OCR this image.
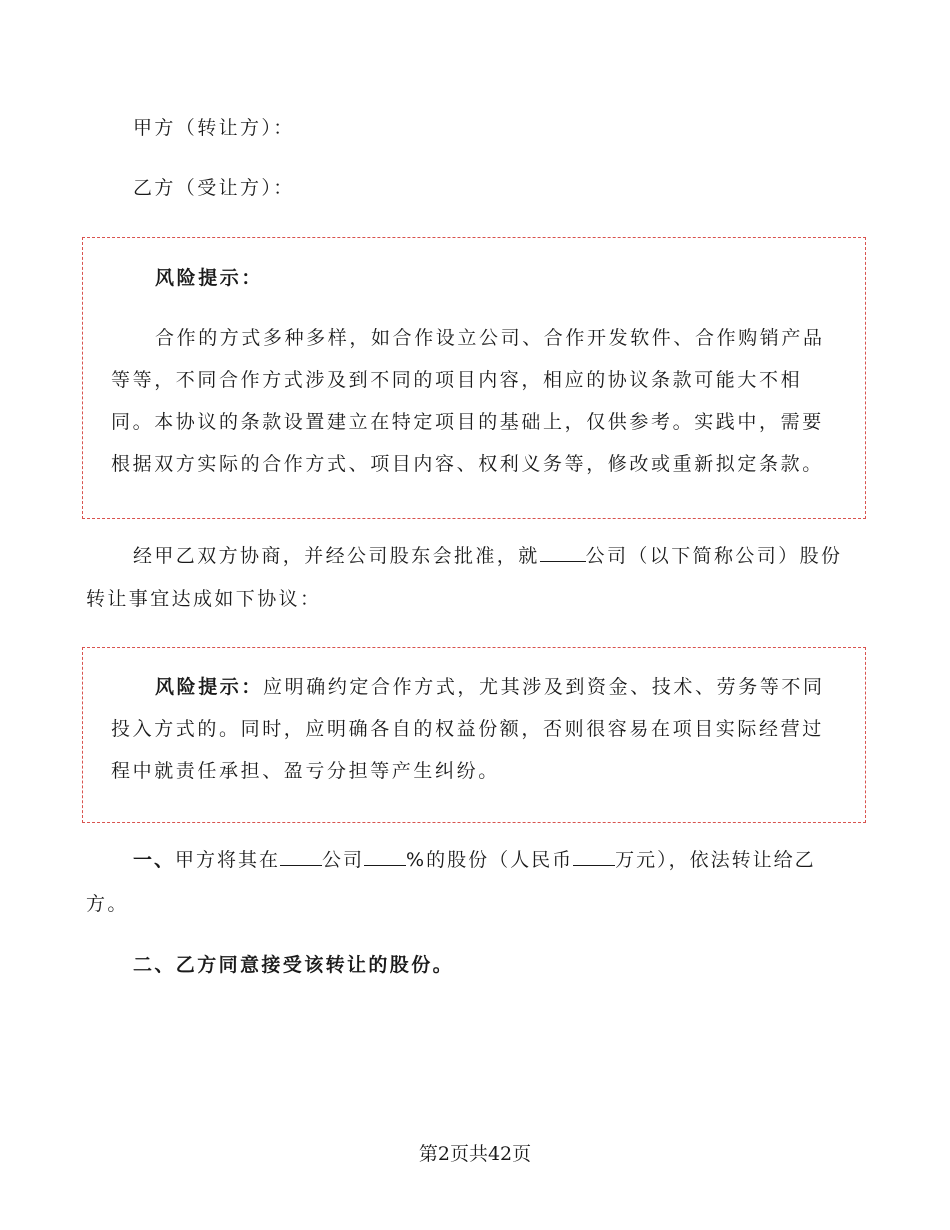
甲方（转让方）：
乙方（受让方）：
风险提示：
合作的方式多种多样，如合作设立公司、合作开发软件、合作购销产品
等等，不同合作方式涉及到不同的项目内容，相应的协议条款可能大不相
同。本协议的条款设置建立在特定项目的基础上，仅供参考。实践中，需要
根据双方实际的合作方式、项目内容、权利义务等，修改或重新拟定条款。
经甲乙双方协商，并经公司股东会批准，就 公司（以下简称公司）股份
转让事宜达成如下协议：
风险提示：应明确约定合作方式，尤其涉及到资金、技术、劳务等不同
投入方式的。同时，应明确各自的权益份额，否则很容易在项目实际经营过
程中就责任承担、盈亏分担等产生纠纷。
一、甲方将其在 公司 %的股份（人民币 万元），依法转让给乙
方。
二、乙方同意接受该转让的股份。
第2页共42页
